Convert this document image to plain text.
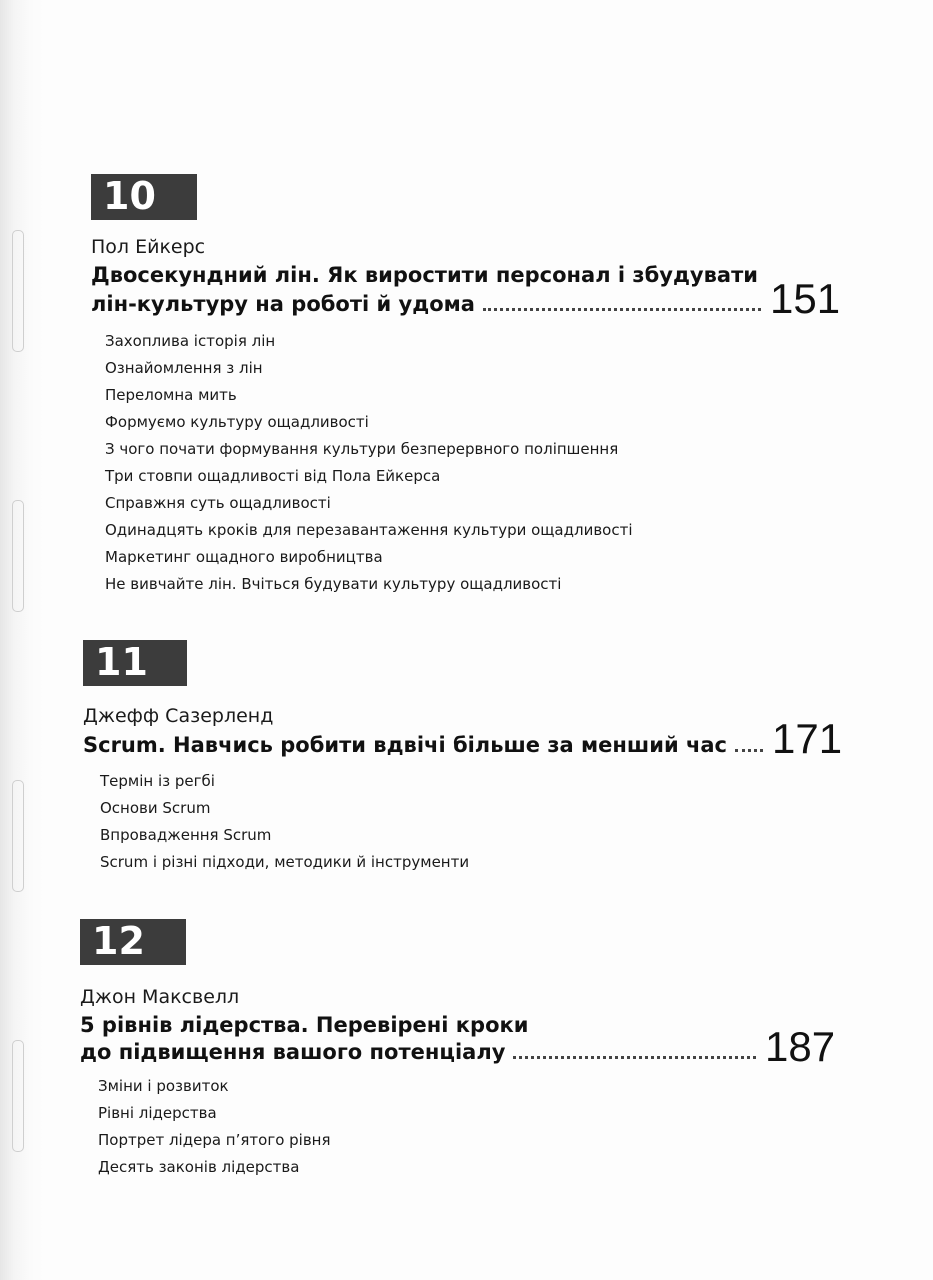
10
Пол Ейкерс
Двосекундний лін. Як виростити персонал і збудувати
лін-культуру на роботі й удома	151
Захоплива історія лін
Ознайомлення з лін
Переломна мить
Формуємо культуру ощадливості
З чого почати формування культури безперервного поліпшення
Три стовпи ощадливості від Пола Ейкерса
Справжня суть ощадливості
Одинадцять кроків для перезавантаження культури ощадливості
Маркетинг ощадного виробництва
Не вивчайте лін. Вчіться будувати культуру ощадливості
11
Джефф Сазерленд
Scrum. Навчись робити вдвічі більше за менший час 171
Термін із регбі
Основи Scrum
Впровадження Scrum
Scrum і різні підходи, методики й інструменти
12
Джон Максвелл
5 рівнів лідерства. Перевірені кроки
до підвищення вашого потенціалу	187
Зміни і розвиток
Рівні лідерства
Портрет лідера п’ятого рівня
Десять законів лідерства
